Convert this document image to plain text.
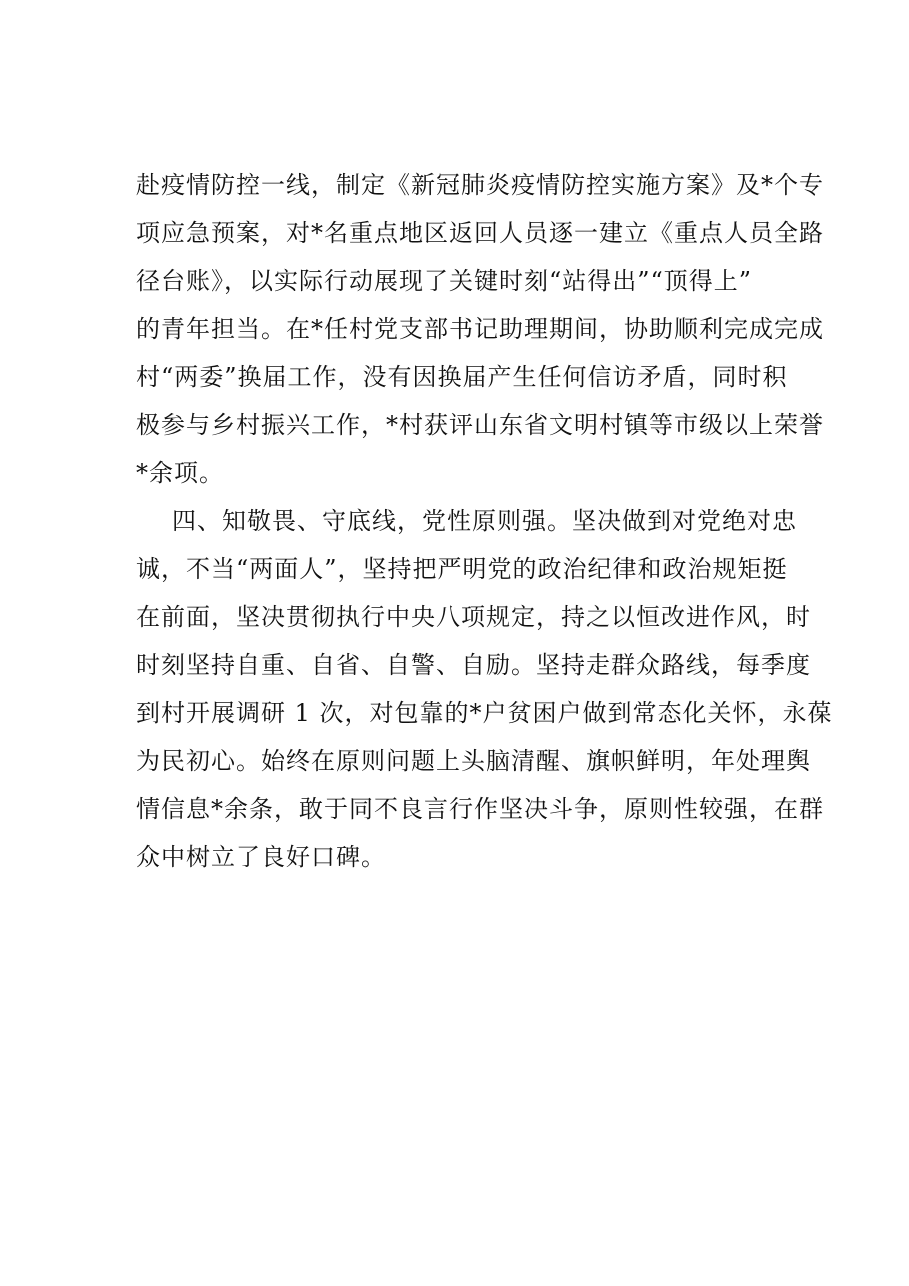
赴疫情防控一线，制定《新冠肺炎疫情防控实施方案》及*个专
项应急预案，对*名重点地区返回人员逐一建立《重点人员全路
径台账》，以实际行动展现了关键时刻“站得出”“顶得上”
的青年担当。在*任村党支部书记助理期间，协助顺利完成完成
村“两委”换届工作，没有因换届产生任何信访矛盾，同时积
极参与乡村振兴工作，*村获评山东省文明村镇等市级以上荣誉
*余项。
四、知敬畏、守底线，党性原则强。坚决做到对党绝对忠
诚，不当“两面人”，坚持把严明党的政治纪律和政治规矩挺
在前面，坚决贯彻执行中央八项规定，持之以恒改进作风，时
时刻坚持自重、自省、自警、自励。坚持走群众路线，每季度
到村开展调研 1 次，对包靠的*户贫困户做到常态化关怀，永葆
为民初心。始终在原则问题上头脑清醒、旗帜鲜明，年处理舆
情信息*余条，敢于同不良言行作坚决斗争，原则性较强，在群
众中树立了良好口碑。
